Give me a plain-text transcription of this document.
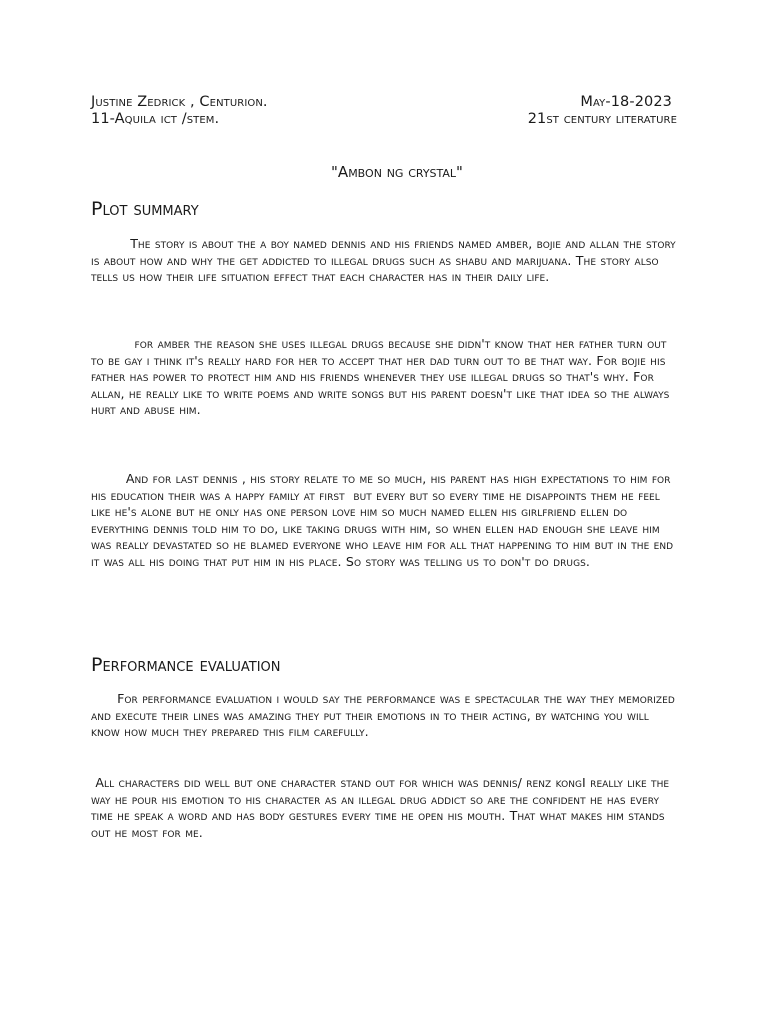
Justine Zedrick , Centurion.	May-18-2023
11-Aquila ict /stem.	21st century literature
"Ambon ng crystal"
Plot summary
The story is about the a boy named dennis and his friends named amber, bojie and allan the story is about how and why the get addicted to illegal drugs such as shabu and marijuana. The story also tells us how their life situation effect that each character has in their daily life.
for amber the reason she uses illegal drugs because she didn't know that her father turn out to be gay i think it's really hard for her to accept that her dad turn out to be that way. For bojie his father has power to protect him and his friends whenever they use illegal drugs so that's why. For allan, he really like to write poems and write songs but his parent doesn't like that idea so the always hurt and abuse him.
And for last dennis , his story relate to me so much, his parent has high expectations to him for his education their was a happy family at first  but every but so every time he disappoints them he feel like he's alone but he only has one person love him so much named ellen his girlfriend ellen do everything dennis told him to do, like taking drugs with him, so when ellen had enough she leave him was really devastated so he blamed everyone who leave him for all that happening to him but in the end it was all his doing that put him in his place. So story was telling us to don't do drugs.
Performance evaluation
For performance evaluation i would say the performance was e spectacular the way they memorized and execute their lines was amazing they put their emotions in to their acting, by watching you will know how much they prepared this film carefully.
All characters did well but one character stand out for which was dennis/ renz kongI really like the way he pour his emotion to his character as an illegal drug addict so are the confident he has every time he speak a word and has body gestures every time he open his mouth. That what makes him stands out he most for me.
